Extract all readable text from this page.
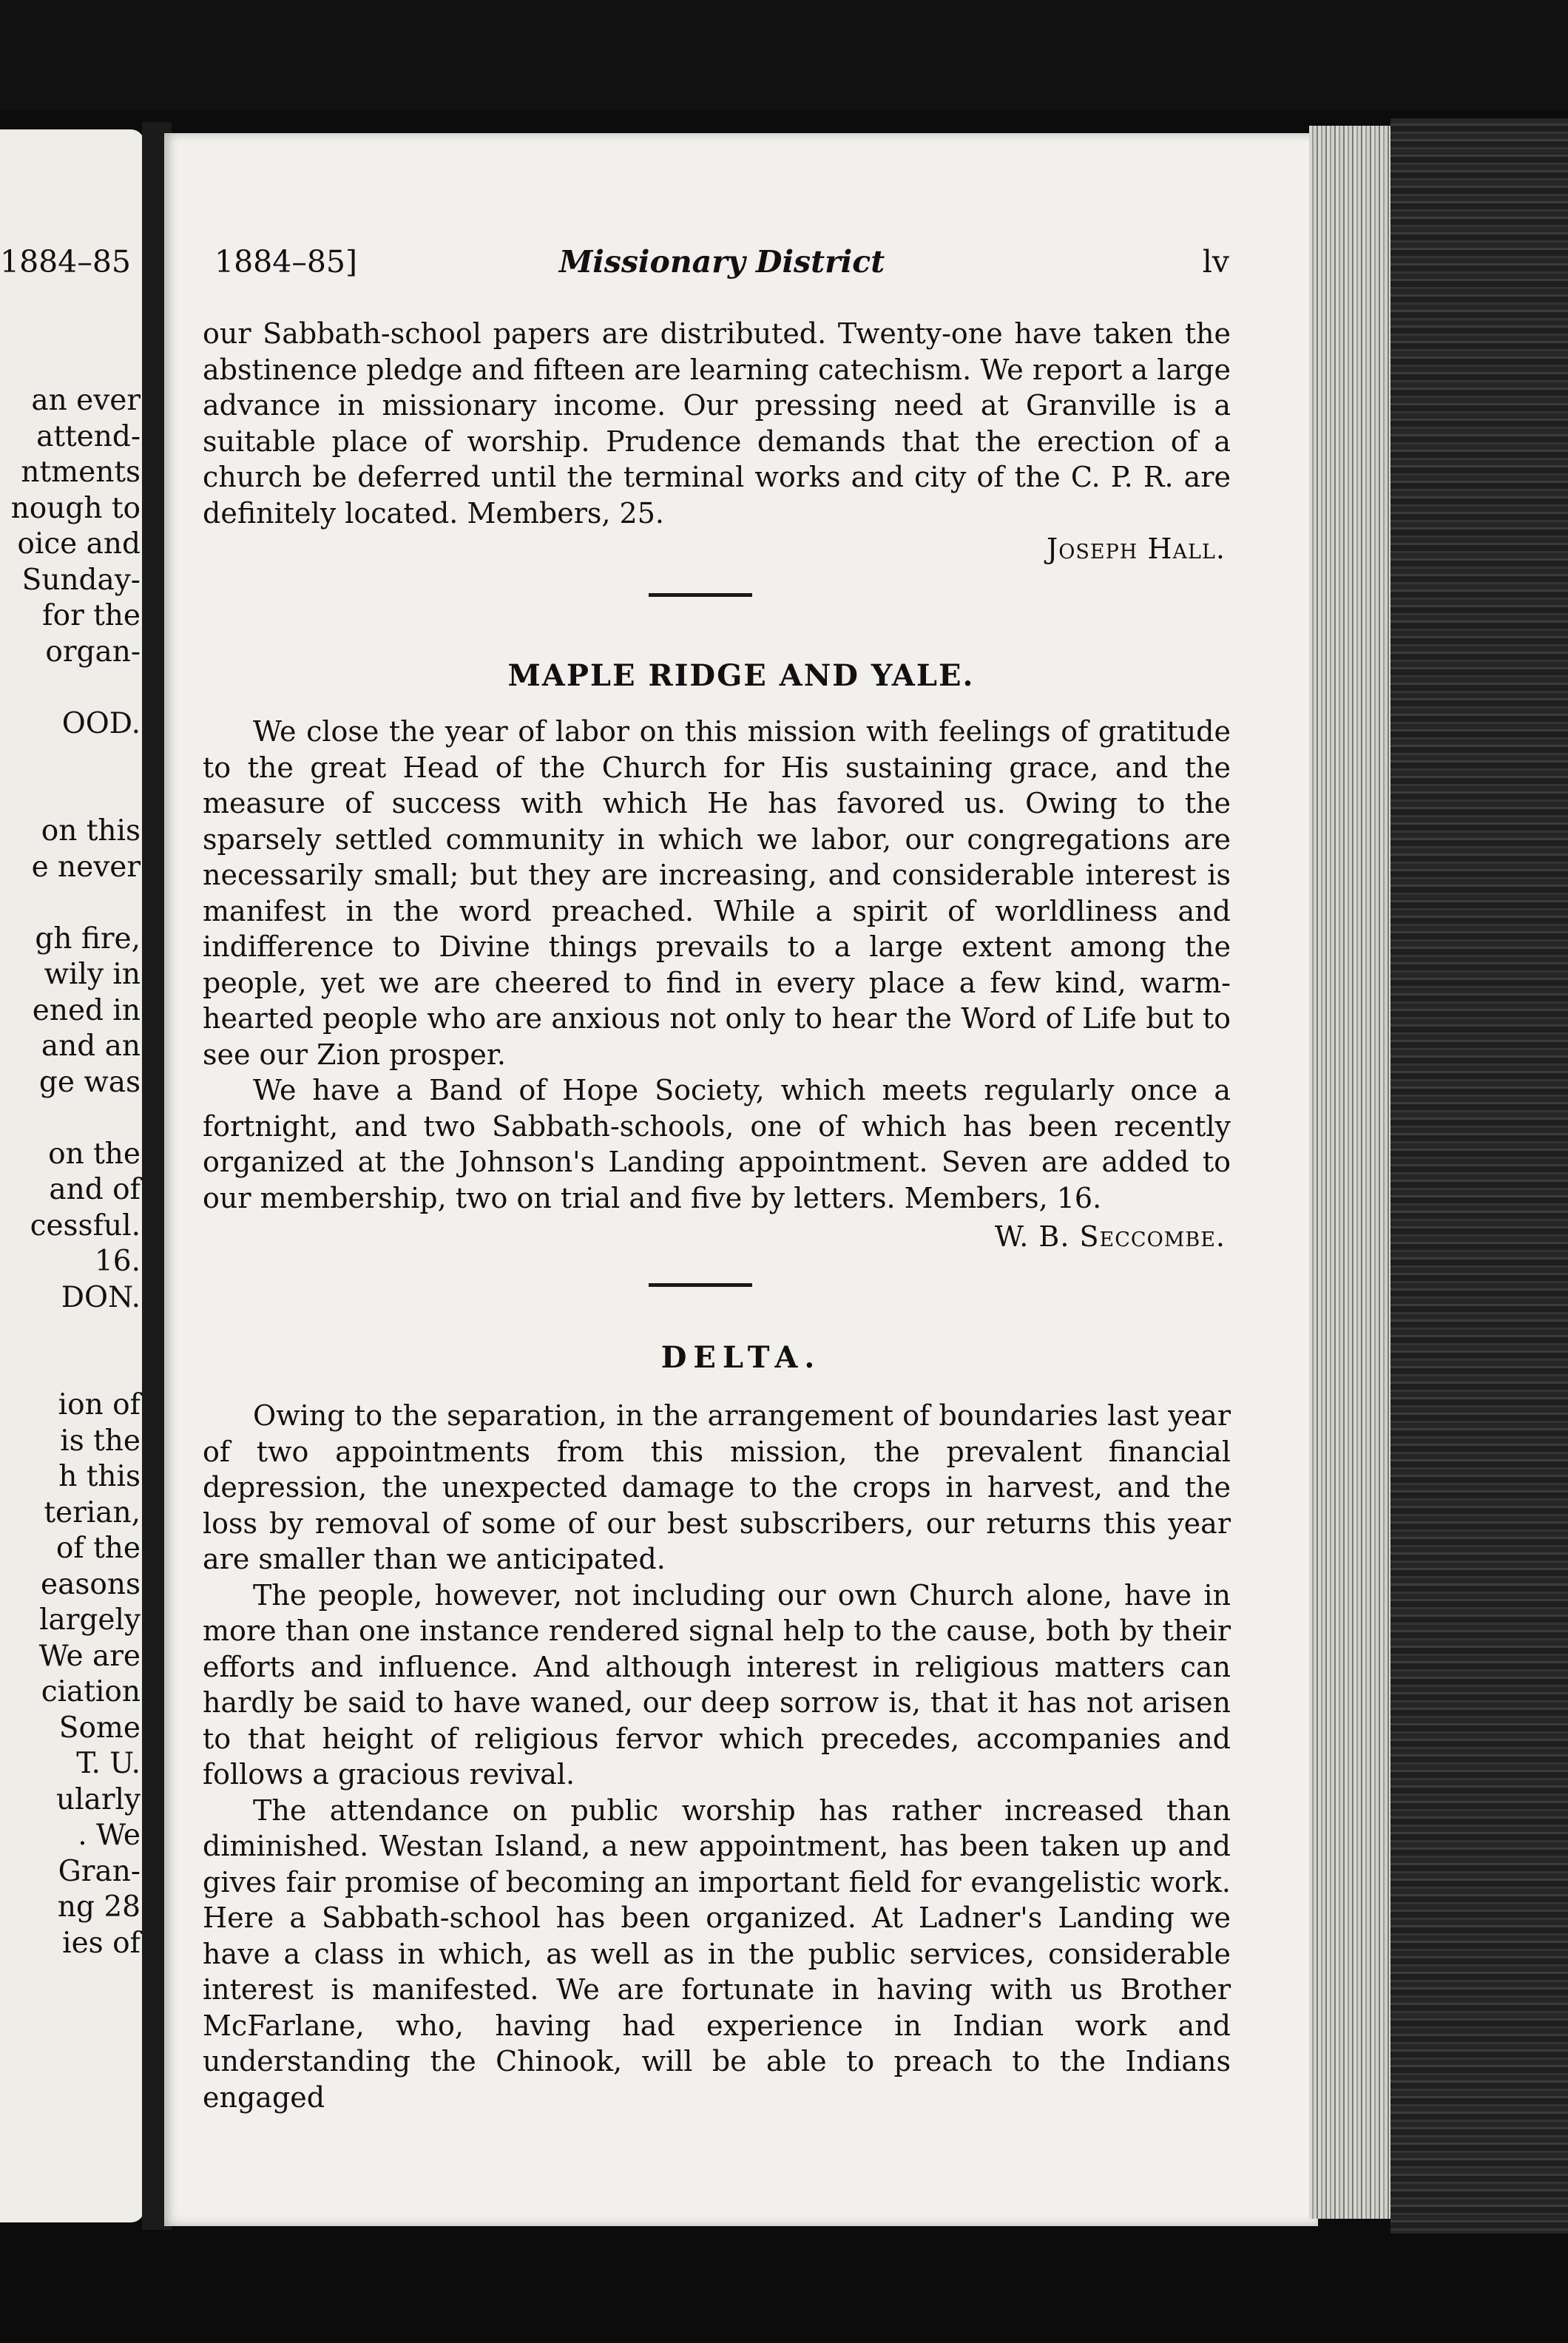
1884–85
an ever
attend-
ntments
nough to
oice and
Sunday-
for the
organ-
OOD.
on this
e never
gh fire,
wily in
ened in
and an
ge was
on the
and of
cessful.
16.
DON.
ion of
is the
h this
terian,
of the
easons
largely
We are
ciation
Some
T. U.
ularly
. We
Gran-
ng 28
ies of
1884–85]	Missionary District	lv

our Sabbath-school papers are distributed. Twenty-one have taken the abstinence pledge and fifteen are learning catechism. We report a large advance in missionary income. Our pressing need at Granville is a suitable place of worship. Prudence demands that the erection of a church be deferred until the terminal works and city of the C. P. R. are definitely located. Members, 25.

Joseph Hall.
MAPLE RIDGE AND YALE.

We close the year of labor on this mission with feelings of gratitude to the great Head of the Church for His sustaining grace, and the measure of success with which He has favored us. Owing to the sparsely settled community in which we labor, our congregations are necessarily small; but they are increasing, and considerable interest is manifest in the word preached. While a spirit of worldliness and indifference to Divine things prevails to a large extent among the people, yet we are cheered to find in every place a few kind, warm-hearted people who are anxious not only to hear the Word of Life but to see our Zion prosper.

We have a Band of Hope Society, which meets regularly once a fortnight, and two Sabbath-schools, one of which has been recently organized at the Johnson's Landing appointment. Seven are added to our membership, two on trial and five by letters. Members, 16.

W. B. Seccombe.
DELTA.

Owing to the separation, in the arrangement of boundaries last year of two appointments from this mission, the prevalent financial depression, the unexpected damage to the crops in harvest, and the loss by removal of some of our best subscribers, our returns this year are smaller than we anticipated.

The people, however, not including our own Church alone, have in more than one instance rendered signal help to the cause, both by their efforts and influence. And although interest in religious matters can hardly be said to have waned, our deep sorrow is, that it has not arisen to that height of religious fervor which precedes, accompanies and follows a gracious revival.

The attendance on public worship has rather increased than diminished. Westan Island, a new appointment, has been taken up and gives fair promise of becoming an important field for evangelistic work. Here a Sabbath-school has been organized. At Ladner's Landing we have a class in which, as well as in the public services, considerable interest is manifested. We are fortunate in having with us Brother McFarlane, who, having had experience in Indian work and understanding the Chinook, will be able to preach to the Indians engaged
